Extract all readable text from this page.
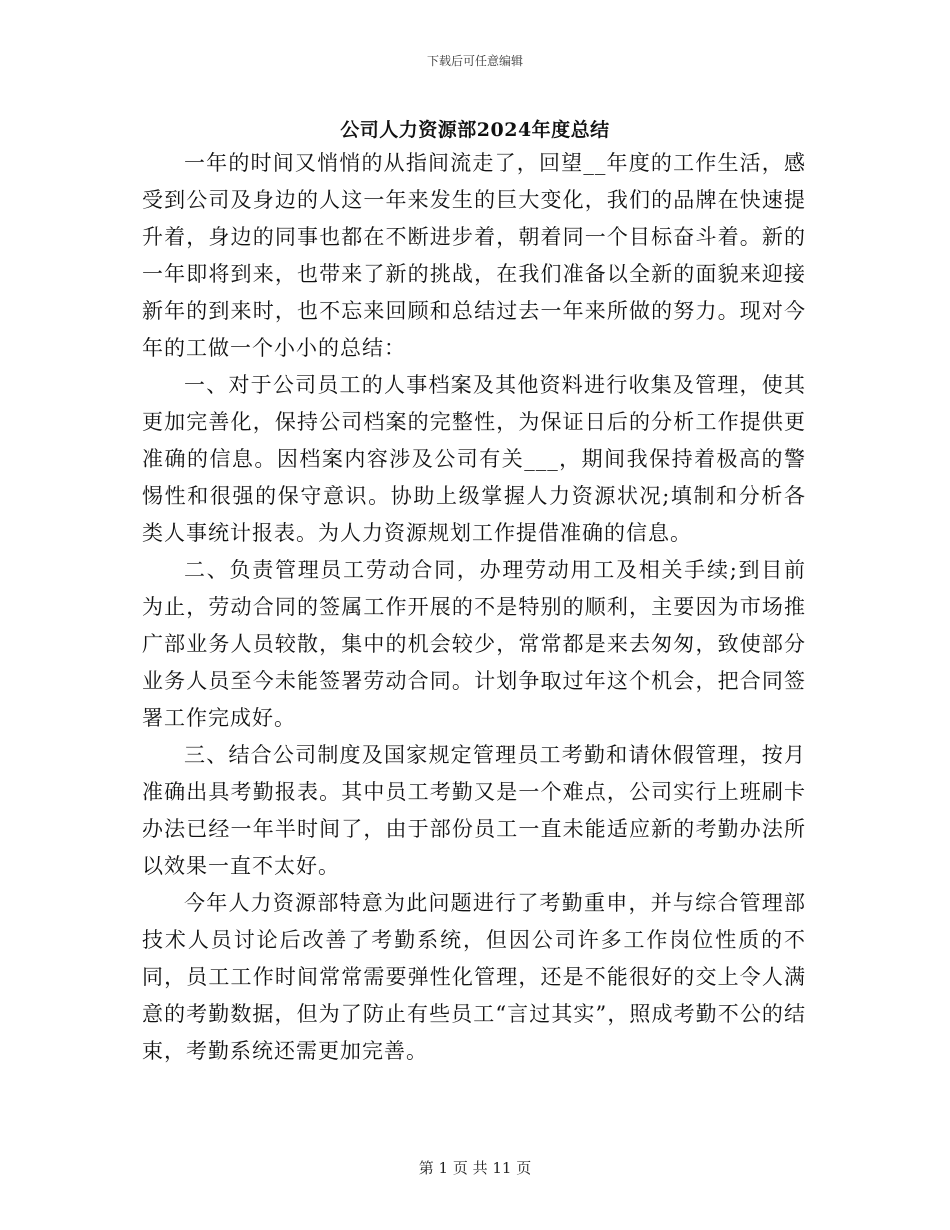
下载后可任意编辑
公司人力资源部2024年度总结

一年的时间又悄悄的从指间流走了，回望__年度的工作生活，感受到公司及身边的人这一年来发生的巨大变化，我们的品牌在快速提升着，身边的同事也都在不断进步着，朝着同一个目标奋斗着。新的一年即将到来，也带来了新的挑战，在我们准备以全新的面貌来迎接新年的到来时，也不忘来回顾和总结过去一年来所做的努力。现对今年的工做一个小小的总结：

一、对于公司员工的人事档案及其他资料进行收集及管理，使其更加完善化，保持公司档案的完整性，为保证日后的分析工作提供更准确的信息。因档案内容涉及公司有关___，期间我保持着极高的警惕性和很强的保守意识。协助上级掌握人力资源状况;填制和分析各类人事统计报表。为人力资源规划工作提借准确的信息。

二、负责管理员工劳动合同，办理劳动用工及相关手续;到目前为止，劳动合同的签属工作开展的不是特别的顺利，主要因为市场推广部业务人员较散，集中的机会较少，常常都是来去匆匆，致使部分业务人员至今未能签署劳动合同。计划争取过年这个机会，把合同签署工作完成好。

三、结合公司制度及国家规定管理员工考勤和请休假管理，按月准确出具考勤报表。其中员工考勤又是一个难点，公司实行上班刷卡办法已经一年半时间了，由于部份员工一直未能适应新的考勤办法所以效果一直不太好。

今年人力资源部特意为此问题进行了考勤重申，并与综合管理部技术人员讨论后改善了考勤系统，但因公司许多工作岗位性质的不同，员工工作时间常常需要弹性化管理，还是不能很好的交上令人满意的考勤数据，但为了防止有些员工“言过其实”，照成考勤不公的结束，考勤系统还需更加完善。

第 1 页 共 11 页
